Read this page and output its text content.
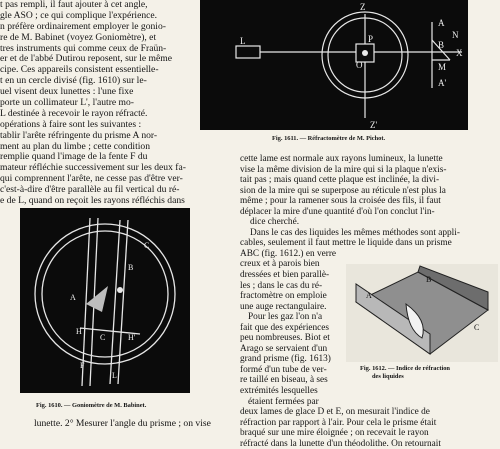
t pas rempli, il faut ajouter à cet angle,
gle ASO ; ce qui complique l'expérience.
n préfère ordinairement employer le gonio-
re de M. Babinet (voyez Goniomètre), et
tres instruments qui comme ceux de Fraün-
er et de l'abbé Dutirou reposent, sur le même
cipe. Ces appareils consistent essentielle-
t en un cercle divisé (fig. 1610) sur le-
uel visent deux lunettes : l'une fixe
porte un collimateur L', l'autre mo-
L destinée à recevoir le rayon réfracté.
opérations à faire sont les suivantes :
tablir l'arête réfringente du prisme A nor-
ment au plan du limbe ; cette condition
remplie quand l'image de la fente F du
mateur réfléchie successivement sur les deux fa-
qui comprennent l'arête, ne cesse pas d'être ver-
c'est-à-dire d'être parallèle au fil vertical du ré-
e de L, quand on reçoit les rayons réfléchis dans
L
Z
Z'
A
B
A'
M
N
X
P
O
Fig. 1611. — Réfractomètre de M. Pichot.
C
B
A
H
C	H'
F
L
Fig. 1610. — Goniomètre de M. Babinet.
lunette. 2° Mesurer l'angle du prisme ; on vise
cette lame est normale aux rayons lumineux, la lunette
vise la même division de la mire qui si la plaque n'exis-
tait pas ; mais quand cette plaque est inclinée, la divi-
sion de la mire qui se superpose au réticule n'est plus la
même ; pour la ramener sous la croisée des fils, il faut
déplacer la mire d'une quantité d'où l'on conclut l'in-
dice cherché.
Dans le cas des liquides les mêmes méthodes sont appli-
cables, seulement il faut mettre le liquide dans un prisme
ABC (fig. 1612.) en verre
creux et à parois bien
dressées et bien parallè-
les ; dans le cas du ré-
fractomètre on emploie
une auge rectangulaire.
Pour les gaz l'on n'a
fait que des expériences
peu nombreuses. Biot et
Arago se servaient d'un
grand prisme (fig. 1613)
formé d'un tube de ver-
re taillé en biseau, à ses
extrémités lesquelles
étaient fermées par
deux lames de glace D et E, on mesurait l'indice de
réfraction par rapport à l'air. Pour cela le prisme était
braqué sur une mire éloignée ; on recevait le rayon
réfracté dans la lunette d'un théodolithe. On retournait
A
B
C
Fig. 1612. — Indice de réfraction
des liquides
